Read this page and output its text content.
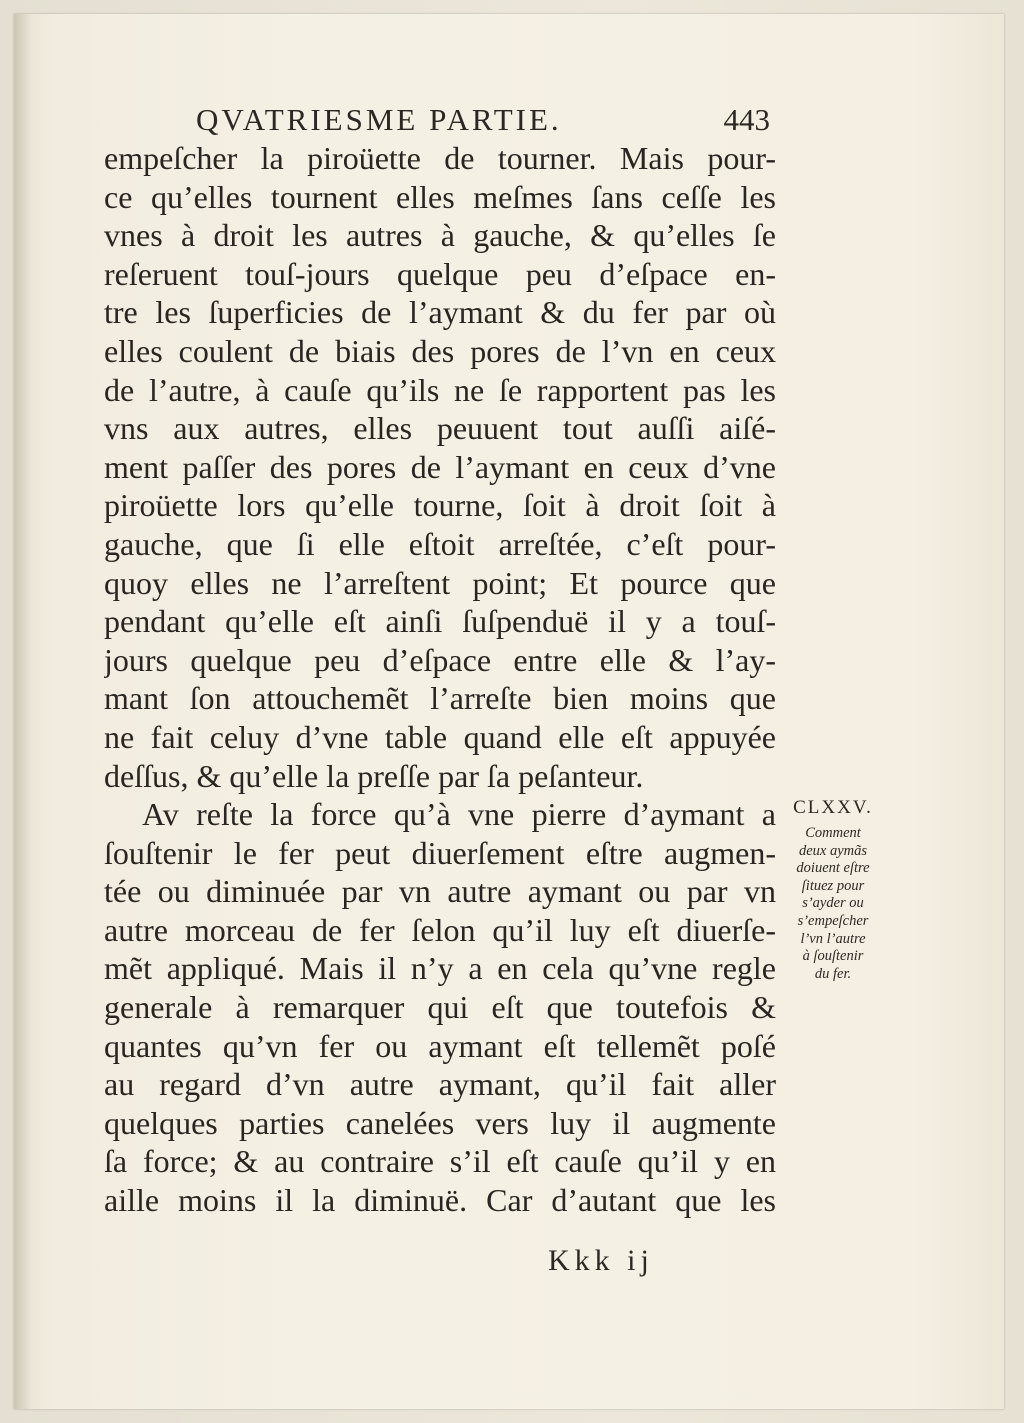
QVATRIESME PARTIE.	443
empeſcher la piroüette de tourner. Mais pour-
ce qu’elles tournent elles meſmes ſans ceſſe les
vnes à droit les autres à gauche, & qu’elles ſe
reſeruent touſ-jours quelque peu d’eſpace en-
tre les ſuperficies de l’aymant & du fer par où
elles coulent de biais des pores de l’vn en ceux
de l’autre, à cauſe qu’ils ne ſe rapportent pas les
vns aux autres, elles peuuent tout auſſi aiſé-
ment paſſer des pores de l’aymant en ceux d’vne
piroüette lors qu’elle tourne, ſoit à droit ſoit à
gauche, que ſi elle eſtoit arreſtée, c’eſt pour-
quoy elles ne l’arreſtent point; Et pource que
pendant qu’elle eſt ainſi ſuſpenduë il y a touſ-
jours quelque peu d’eſpace entre elle & l’ay-
mant ſon attouchemẽt l’arreſte bien moins que
ne fait celuy d’vne table quand elle eſt appuyée
deſſus, & qu’elle la preſſe par ſa peſanteur.
Av reſte la force qu’à vne pierre d’aymant a
ſouſtenir le fer peut diuerſement eſtre augmen-
tée ou diminuée par vn autre aymant ou par vn
autre morceau de fer ſelon qu’il luy eſt diuerſe-
mẽt appliqué. Mais il n’y a en cela qu’vne regle
generale à remarquer qui eſt que toutefois &
quantes qu’vn fer ou aymant eſt tellemẽt poſé
au regard d’vn autre aymant, qu’il fait aller
quelques parties canelées vers luy il augmente
ſa force; & au contraire s’il eſt cauſe qu’il y en
aille moins il la diminuë. Car d’autant que les
CLXXV.
Comment
deux aymãs
doiuent eſtre
ſituez pour
s’ayder ou
s’empeſcher
l’vn l’autre
à ſouſtenir
du fer.
Kkk ij
